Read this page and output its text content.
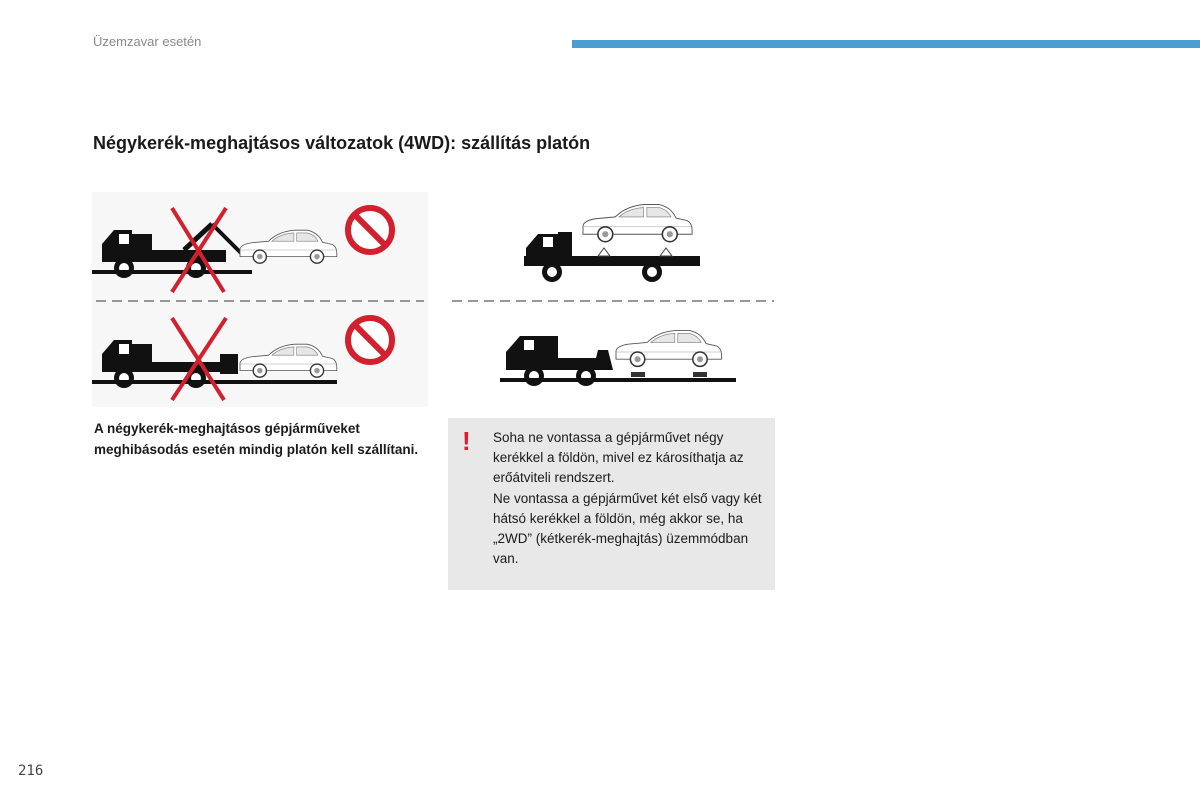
Üzemzavar esetén
Négykerék-meghajtásos változatok (4WD): szállítás platón
A négykerék-meghajtásos gépjárműveket meghibásodás esetén mindig platón kell szállítani. ! Soha ne vontassa a gépjárművet négy kerékkel a földön, mivel ez károsíthatja az erőátviteli rendszert.

Ne vontassa a gépjárművet két első vagy két hátsó kerékkel a földön, még akkor se, ha „2WD” (kétkerék-meghajtás) üzemmódban van.

216
